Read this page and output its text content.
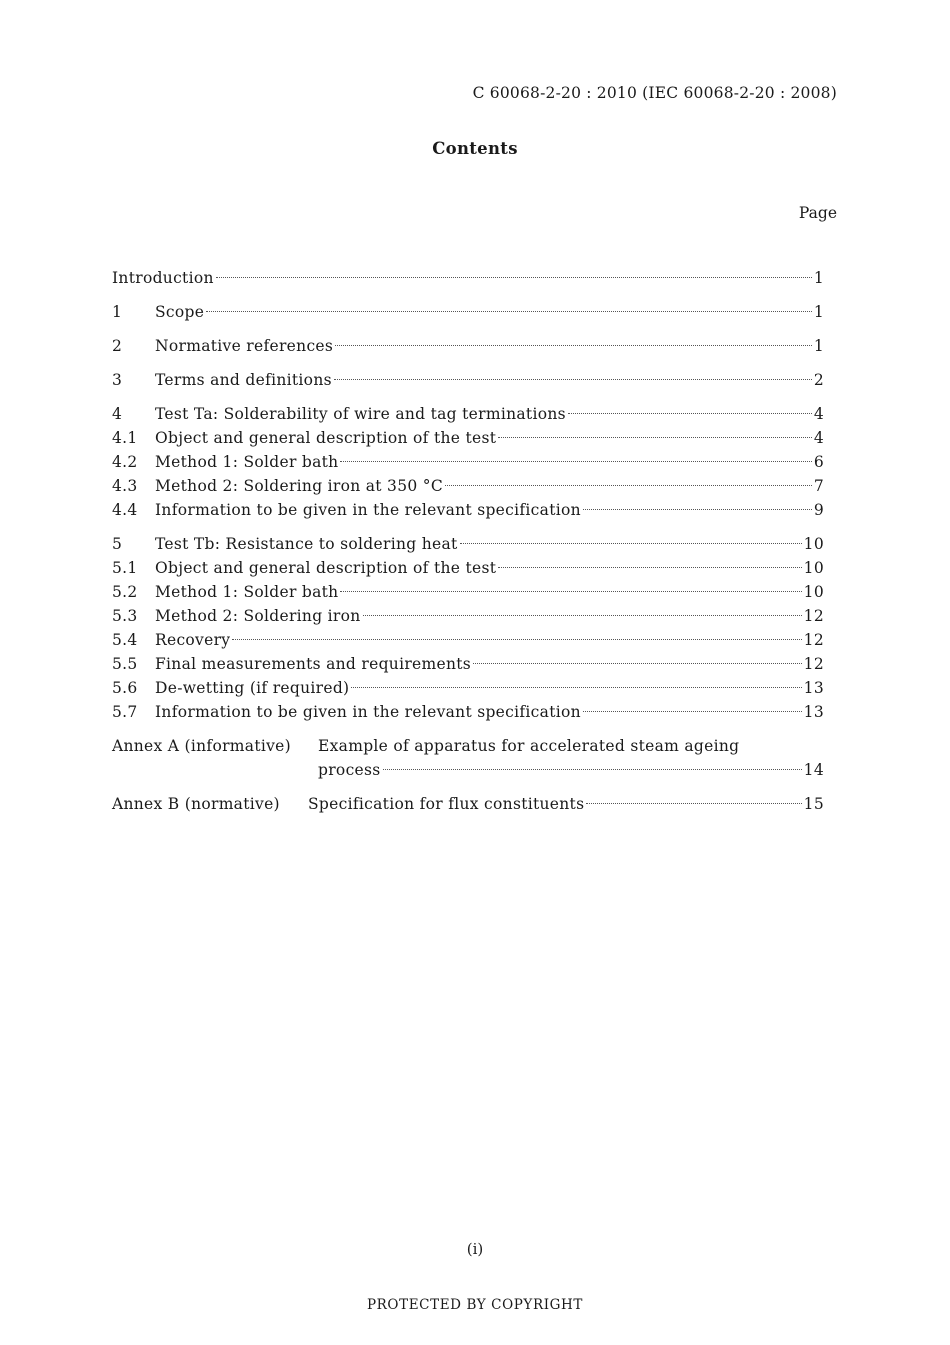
C 60068-2-20 : 2010 (IEC 60068-2-20 : 2008)
Contents
Page
Introduction	1
1	Scope	1
2	Normative references	1
3	Terms and definitions	2
4	Test Ta: Solderability of wire and tag terminations	4
4.1	Object and general description of the test	4
4.2	Method 1: Solder bath	6
4.3	Method 2: Soldering iron at 350 °C	7
4.4	Information to be given in the relevant specification	9
5	Test Tb: Resistance to soldering heat	10
5.1	Object and general description of the test	10
5.2	Method 1: Solder bath	10
5.3	Method 2: Soldering iron	12
5.4	Recovery	12
5.5	Final measurements and requirements	12
5.6	De-wetting (if required)	13
5.7	Information to be given in the relevant specification	13
Annex A (informative)	Example of apparatus for accelerated steam ageing
process	14
Annex B (normative)	Specification for flux constituents	15
(i)
PROTECTED BY COPYRIGHT
